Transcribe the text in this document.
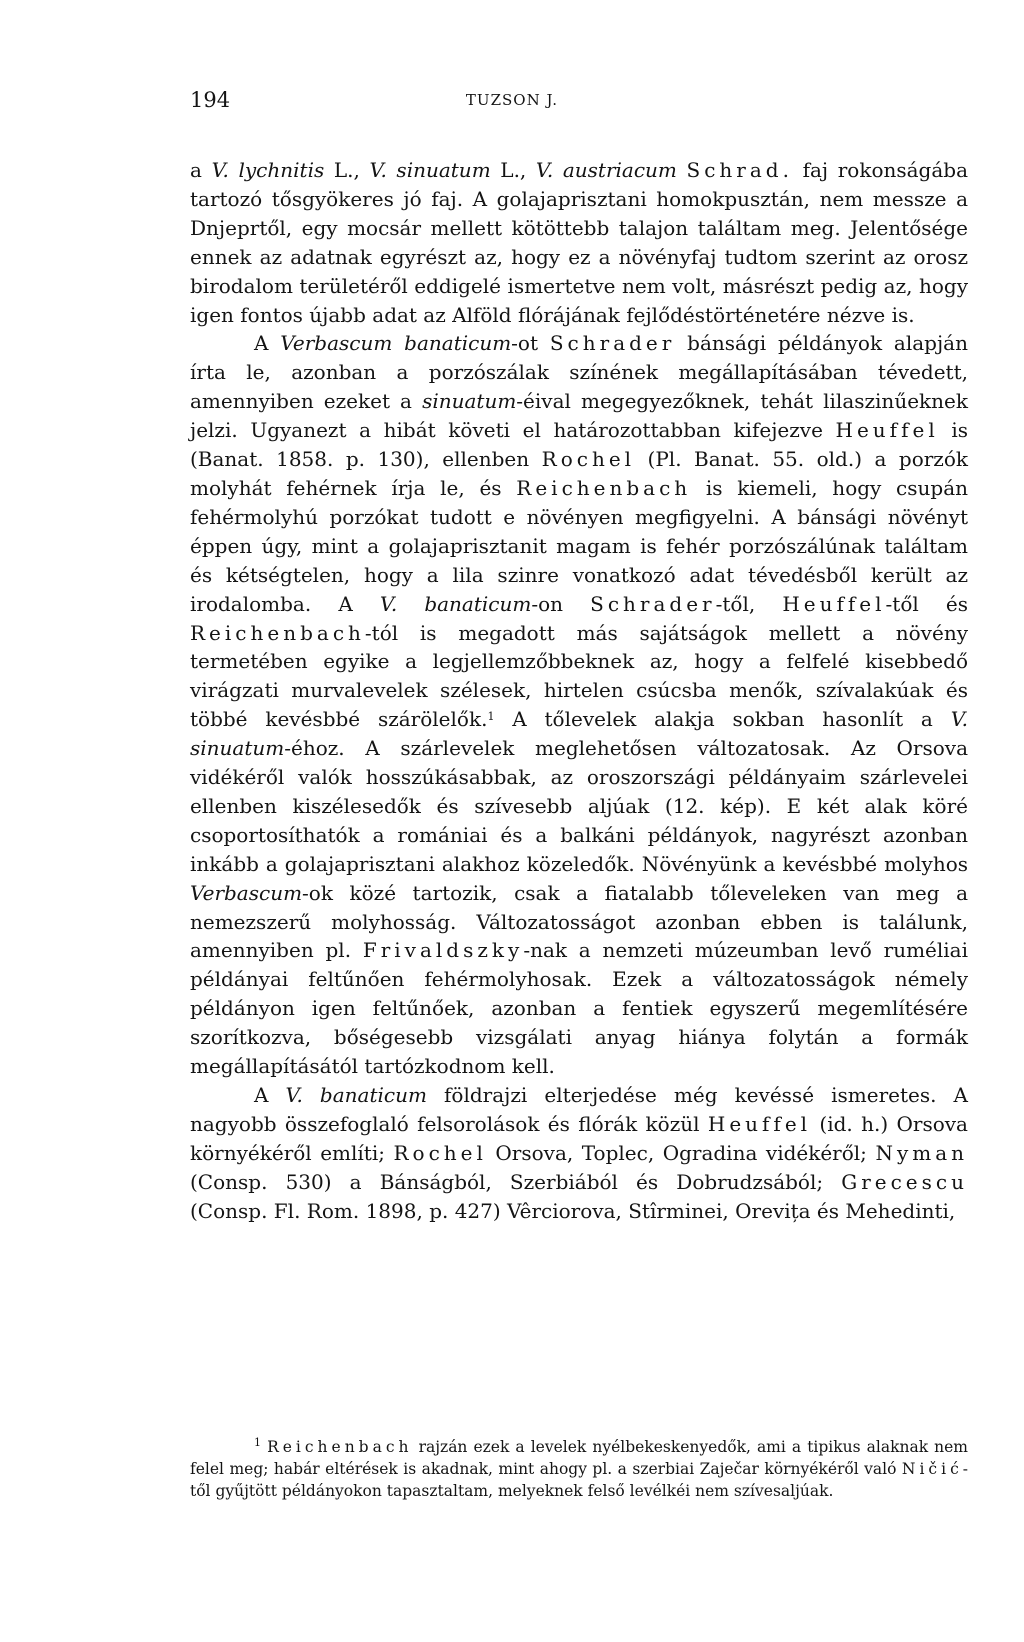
194	TUZSON J.

a V. lychnitis L., V. sinuatum L., V. austriacum Schrad. faj rokonságába tartozó tősgyökeres jó faj. A golajaprisztani homokpusztán, nem messze a Dnjeprtől, egy mocsár mellett kötöttebb talajon találtam meg. Jelentősége ennek az adatnak egyrészt az, hogy ez a növényfaj tudtom szerint az orosz birodalom területéről eddigelé ismertetve nem volt, másrészt pedig az, hogy igen fontos újabb adat az Alföld flórájának fejlődéstörténetére nézve is.

A Verbascum banaticum-ot Schrader bánsági példányok alapján írta le, azonban a porzószálak színének megállapításában tévedett, amennyiben ezeket a sinuatum-éival megegyezőknek, tehát lilaszinűeknek jelzi. Ugyanezt a hibát követi el határozottabban kifejezve Heuffel is (Banat. 1858. p. 130), ellenben Rochel (Pl. Banat. 55. old.) a porzók molyhát fehérnek írja le, és Reichenbach is kiemeli, hogy csupán fehérmolyhú porzókat tudott e növényen megfigyelni. A bánsági növényt éppen úgy, mint a golajaprisztanit magam is fehér porzószálúnak találtam és kétségtelen, hogy a lila szinre vonatkozó adat tévedésből került az irodalomba. A V. banaticum-on Schrader-től, Heuffel-től és Reichenbach-tól is megadott más sajátságok mellett a növény termetében egyike a legjellemzőbbeknek az, hogy a felfelé kisebbedő virágzati murvalevelek szélesek, hirtelen csúcsba menők, szívalakúak és többé kevésbbé szárölelők.$^1$ A tőlevelek alakja sokban hasonlít a V. sinuatum-éhoz. A szárlevelek meglehetősen változatosak. Az Orsova vidékéről valók hosszúkásabbak, az oroszországi példányaim szárlevelei ellenben kiszélesedők és szívesebb aljúak (12. kép). E két alak köré csoportosíthatók a romániai és a balkáni példányok, nagyrészt azonban inkább a golajaprisztani alakhoz közeledők. Növényünk a kevésbbé molyhos Verbascum-ok közé tartozik, csak a fiatalabb tőleveleken van meg a nemezszerű molyhosság. Változatosságot azonban ebben is találunk, amennyiben pl. Frivaldszky-nak a nemzeti múzeumban levő ruméliai példányai feltűnően fehérmolyhosak. Ezek a változatosságok némely példányon igen feltűnőek, azonban a fentiek egyszerű megemlítésére szorítkozva, bőségesebb vizsgálati anyag hiánya folytán a formák megállapításától tartózkodnom kell.

A V. banaticum földrajzi elterjedése még kevéssé ismeretes. A nagyobb összefoglaló felsorolások és flórák közül Heuffel (id. h.) Orsova környékéről említi; Rochel Orsova, Toplec, Ogradina vidékéről; Nyman (Consp. 530) a Bánságból, Szerbiából és Dobrudzsából; Grecescu (Consp. Fl. Rom. 1898, p. 427) Vêrciorova, Stîrminei, Orevița és Mehedinti,

$^1$ Reichenbach rajzán ezek a levelek nyélbekeskenyedők, ami a tipikus alaknak nem felel meg; habár eltérések is akadnak, mint ahogy pl. a szerbiai Zaječar környékéről való Ničić-től gyűjtött példányokon tapasztaltam, melyeknek felső levélkéi nem szívesaljúak.
